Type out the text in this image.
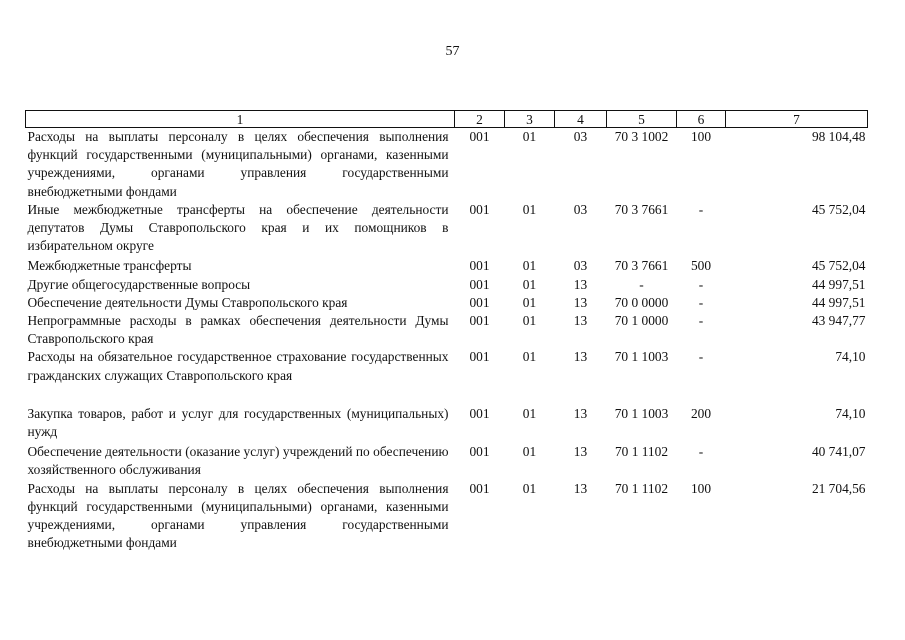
57
1	2	3	4	5	6	7
Расходы на выплаты персоналу в целях обеспечения выполнения функций государственными (муниципальными) органами, казенными учреждениями, органами управления государственными внебюджетными фондами	001	01	03	70 3 1002	100	98 104,48
Иные межбюджетные трансферты на обеспечение деятельности депутатов Думы Ставропольского края и их помощников в избирательном округе	001	01	03	70 3 7661	-	45 752,04
Межбюджетные трансферты	001	01	03	70 3 7661	500	45 752,04
Другие общегосударственные вопросы	001	01	13	-	-	44 997,51
Обеспечение деятельности Думы Ставропольского края	001	01	13	70 0 0000	-	44 997,51
Непрограммные расходы в рамках обеспечения деятельности Думы Ставропольского края	001	01	13	70 1 0000	-	43 947,77
Расходы на обязательное государственное страхование государственных гражданских служащих Ставропольского края	001	01	13	70 1 1003	-	74,10
Закупка товаров, работ и услуг для государственных (муниципальных) нужд	001	01	13	70 1 1003	200	74,10
Обеспечение деятельности (оказание услуг) учреждений по обеспечению хозяйственного обслуживания	001	01	13	70 1 1102	-	40 741,07
Расходы на выплаты персоналу в целях обеспечения выполнения функций государственными (муниципальными) органами, казенными учреждениями, органами управления государственными внебюджетными фондами	001	01	13	70 1 1102	100	21 704,56
